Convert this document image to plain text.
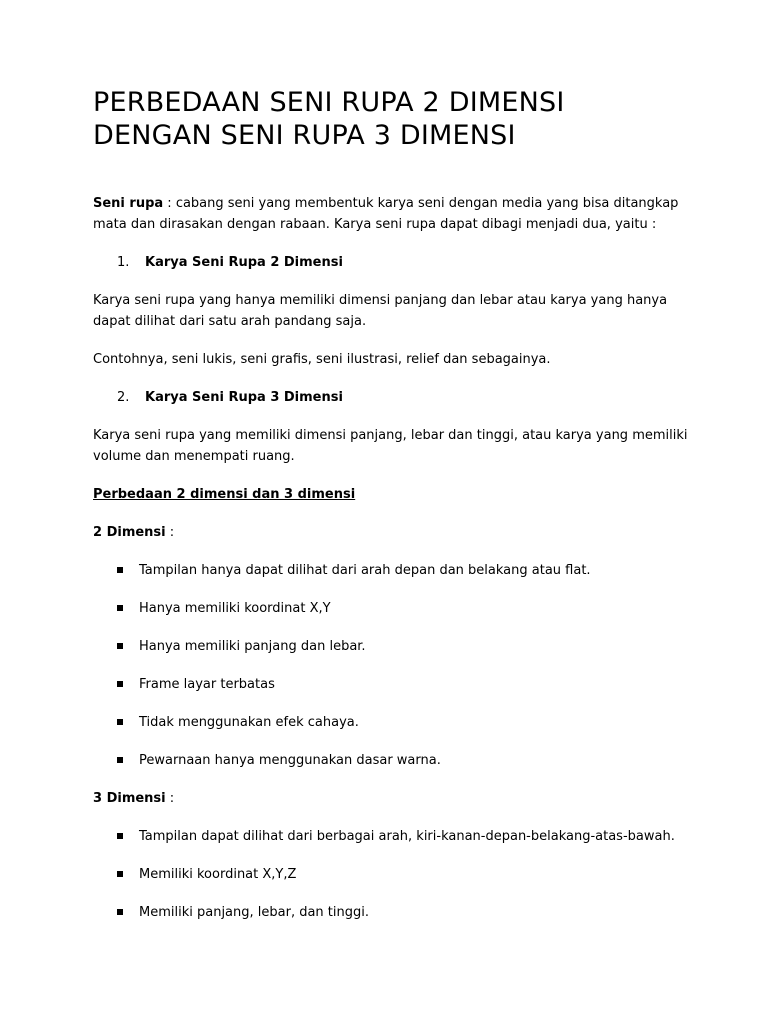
PERBEDAAN SENI RUPA 2 DIMENSI
DENGAN SENI RUPA 3 DIMENSI

Seni rupa : cabang seni yang membentuk karya seni dengan media yang bisa ditangkap mata dan dirasakan dengan rabaan. Karya seni rupa dapat dibagi menjadi dua, yaitu :

1.	Karya Seni Rupa 2 Dimensi

Karya seni rupa yang hanya memiliki dimensi panjang dan lebar atau karya yang hanya dapat dilihat dari satu arah pandang saja.

Contohnya, seni lukis, seni grafis, seni ilustrasi, relief dan sebagainya.

2.	Karya Seni Rupa 3 Dimensi

Karya seni rupa yang memiliki dimensi panjang, lebar dan tinggi, atau karya yang memiliki volume dan menempati ruang.

Perbedaan 2 dimensi dan 3 dimensi

2 Dimensi :

Tampilan hanya dapat dilihat dari arah depan dan belakang atau flat.
Hanya memiliki koordinat X,Y
Hanya memiliki panjang dan lebar.
Frame layar terbatas
Tidak menggunakan efek cahaya.
Pewarnaan hanya menggunakan dasar warna.

3 Dimensi :

Tampilan dapat dilihat dari berbagai arah, kiri-kanan-depan-belakang-atas-bawah.
Memiliki koordinat X,Y,Z
Memiliki panjang, lebar, dan tinggi.
